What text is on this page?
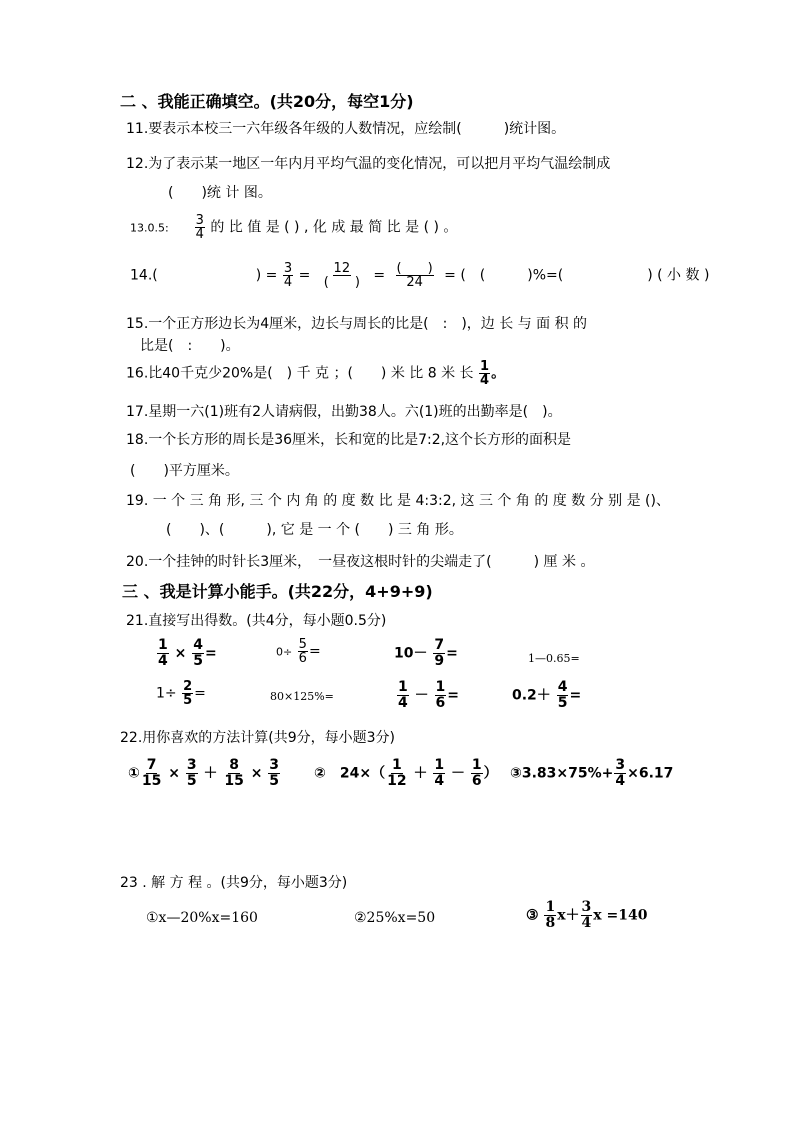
二 、我能正确填空。(共20分，每空1分)
11.要表示本校三一六年级各年级的人数情况，应绘制(　　　)统计图。
12.为了表示某一地区一年内月平均气温的变化情况，可以把月平均气温绘制成
(　　)统 计 图。
13.0.5: $\frac{3}{4}$ 的 比 值 是 ( ) , 化 成 最 简 比 是 ( ) 。
14.(　　　　　　　) = $\frac{3}{4} = 12$
(　　) = (　　)
24 = (　(　　　)%=(　　　　　　) ( 小 数 )
15.一个正方形边长为4厘米，边长与周长的比是(　:　)，边 长 与 面 积 的
比是(　:　　)。
16.比40千克少20%是(　) 千 克 ；(　　) 米 比 8 米 长 $\frac{1}{4}$ 。
17.星期一六(1)班有2人请病假，出勤38人。六(1)班的出勤率是(　)。
18.一个长方形的周长是36厘米，长和宽的比是7:2,这个长方形的面积是
(　　)平方厘米。
19. 一 个 三 角 形, 三 个 内 角 的 度 数 比 是 4:3:2, 这 三 个 角 的 度 数 分 别 是 ()、
(　　)、(　　　), 它 是 一 个 (　　) 三 角 形。
20.一个挂钟的时针长3厘米，　一昼夜这根时针的尖端走了(　　　) 厘 米 。
三 、我是计算小能手。(共22分，4+9+9)
21.直接写出得数。(共4分，每小题0.5分)
$\frac{1}{4} \times \frac{4}{5}$ =	$0\div \frac{5}{6}$ =	$10- \frac{7}{9}$ =	1—0.65=
$1\div \frac{2}{5}$ =	80×125%=	$\frac{1}{4} - \frac{1}{6}$ =	$0.2+ \frac{4}{5}$ =
22.用你喜欢的方法计算(共9分，每小题3分)
① $\frac{7}{15} \times \frac{3}{5} + \frac{8}{15} \times \frac{3}{5}$ ②　$24\times( \frac{1}{12} + \frac{1}{4} - \frac{1}{6}$ ） ③3.83×75%+ $\frac{3}{4} \times 6.17$
23 . 解 方 程 。(共9分，每小题3分)
①x—20%x=160	②25%x=50	③ $\frac{1}{8} x+ \frac{3}{4}$ x =140
